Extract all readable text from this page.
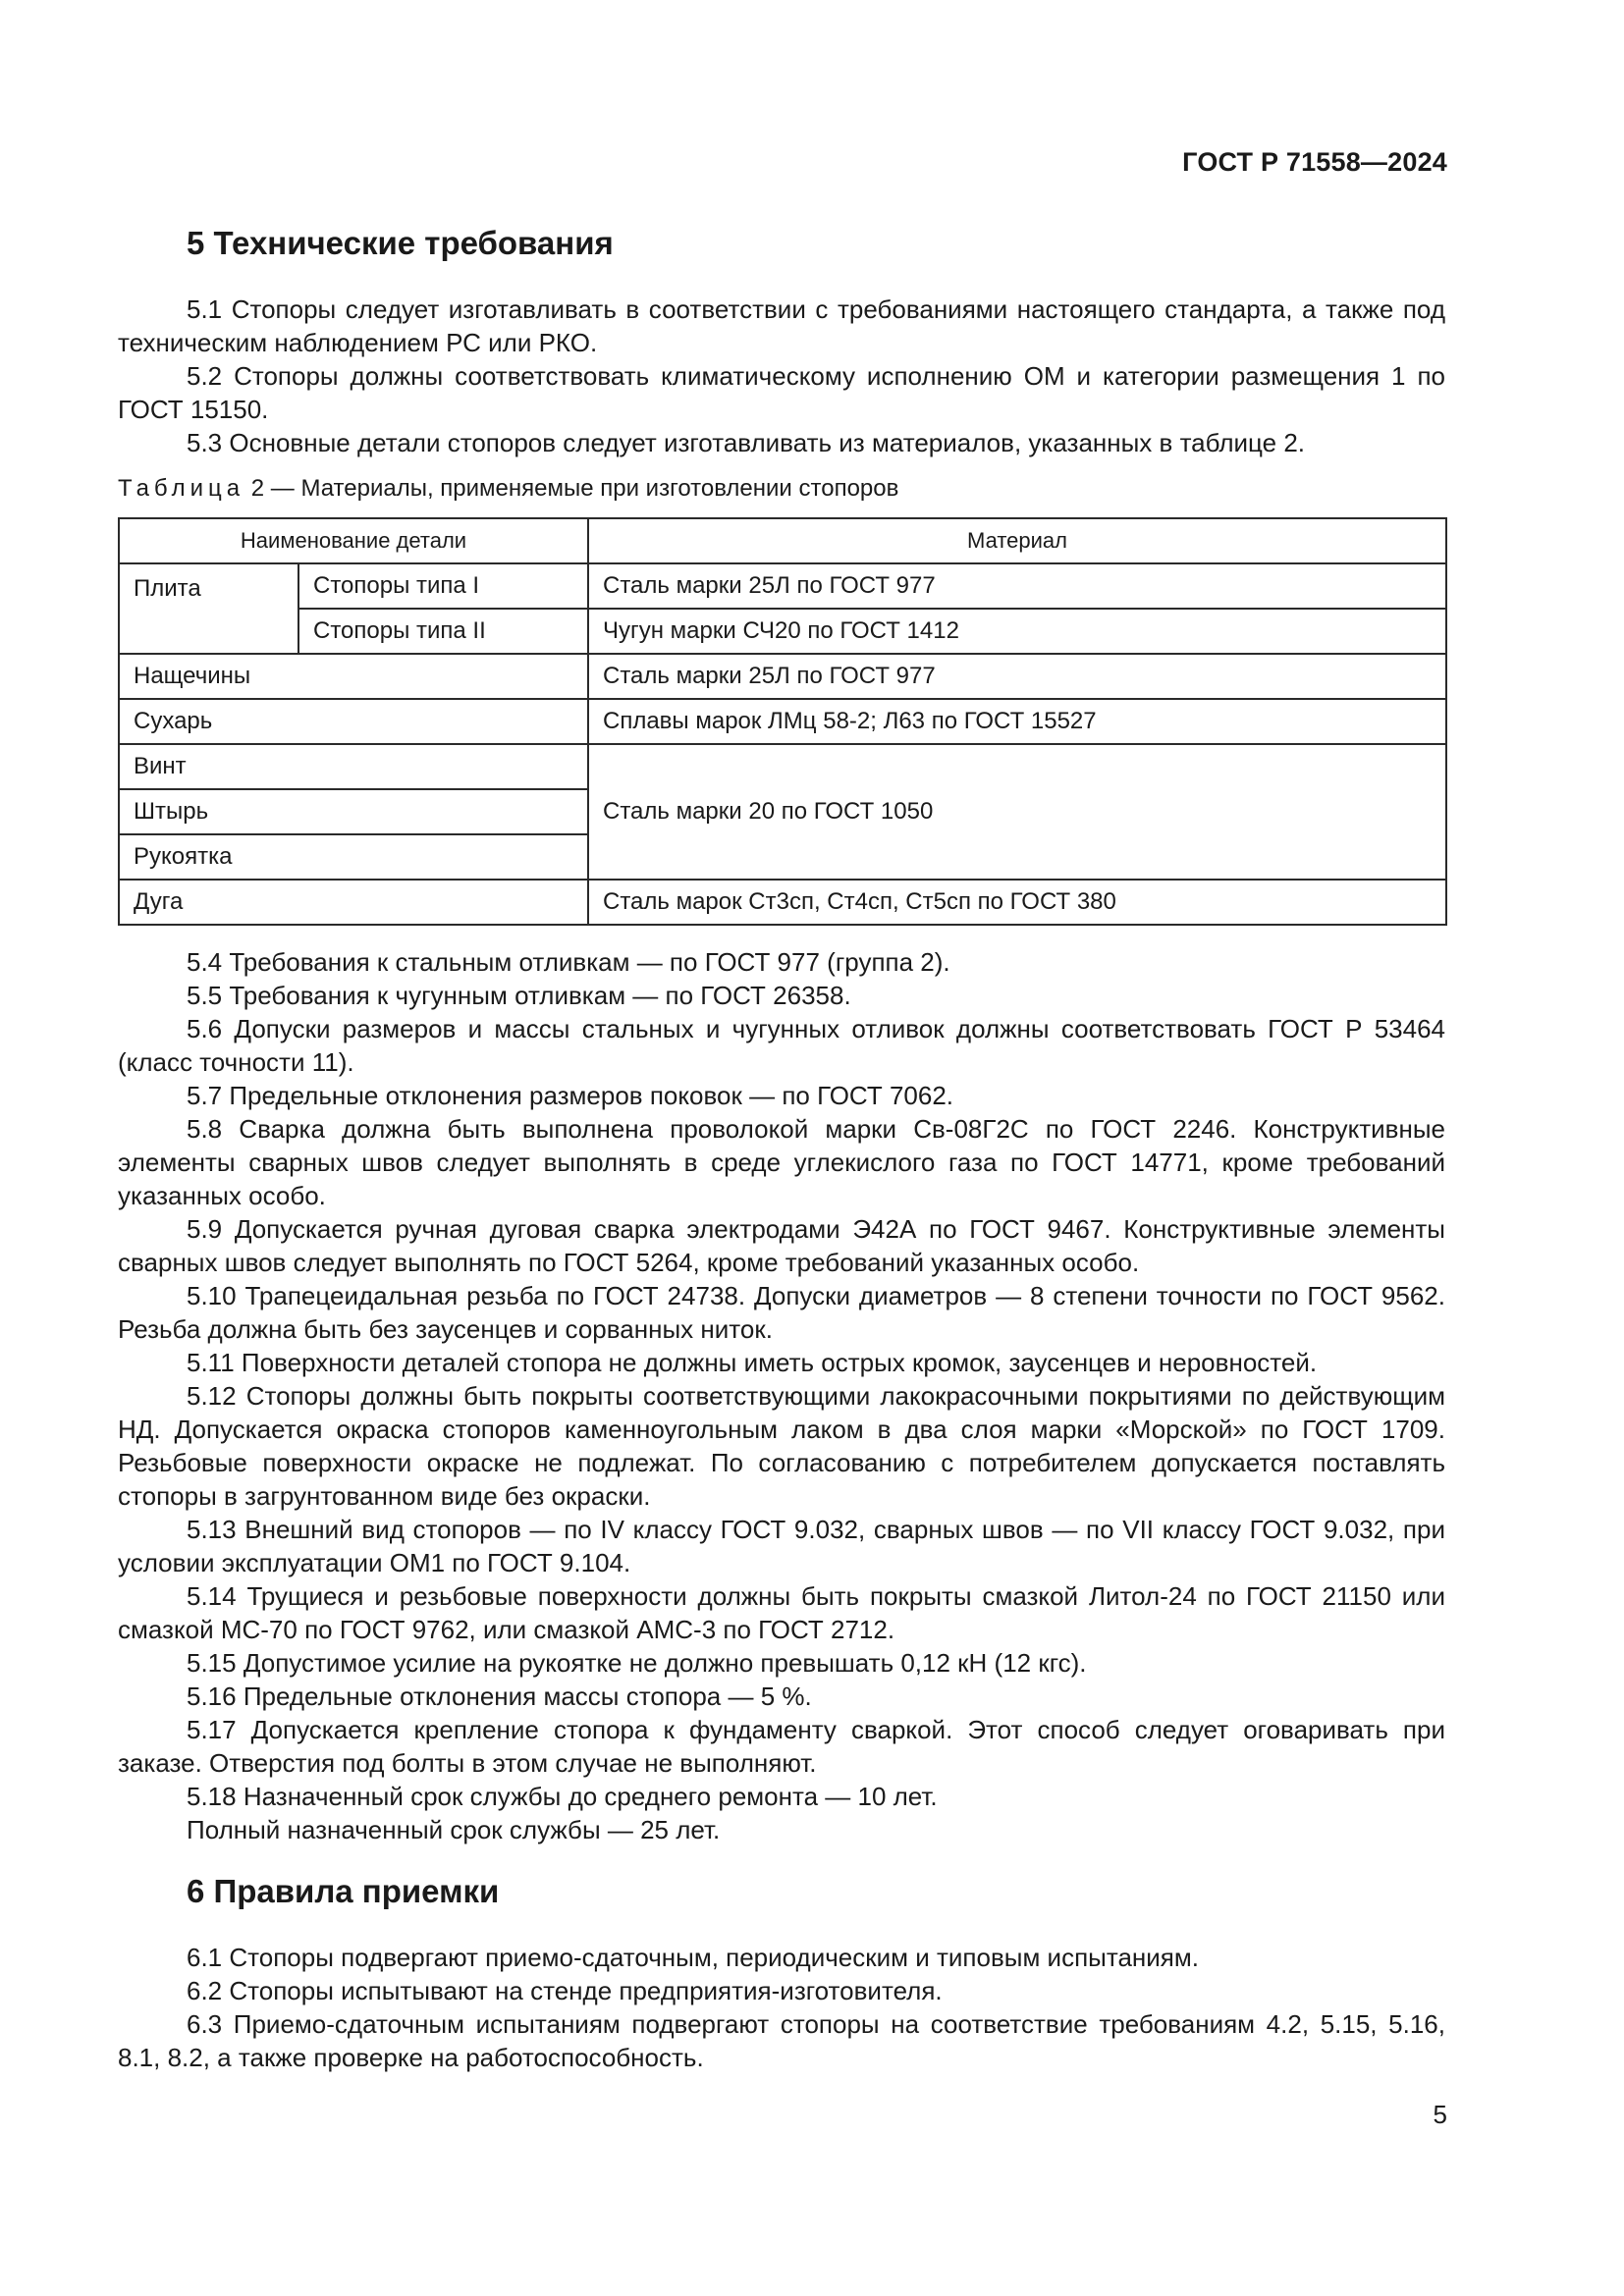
ГОСТ Р 71558—2024
5 Технические требования

5.1 Стопоры следует изготавливать в соответствии с требованиями настоящего стандарта, а также под техническим наблюдением РС или РКО.

5.2 Стопоры должны соответствовать климатическому исполнению ОМ и категории размещения 1 по ГОСТ 15150.

5.3 Основные детали стопоров следует изготавливать из материалов, указанных в таблице 2.

Таблица 2 — Материалы, применяемые при изготовлении стопоров
Наименование детали		Материал
Плита	Стопоры типа I	Сталь марки 25Л по ГОСТ 977
	Стопоры типа II	Чугун марки СЧ20 по ГОСТ 1412
Нащечины		Сталь марки 25Л по ГОСТ 977
Сухарь		Сплавы марок ЛМц 58-2; Л63 по ГОСТ 15527
Винт		Сталь марки 20 по ГОСТ 1050
Штырь		
Рукоятка		
Дуга		Сталь марок Ст3сп, Ст4сп, Ст5сп по ГОСТ 380

5.4 Требования к стальным отливкам — по ГОСТ 977 (группа 2).

5.5 Требования к чугунным отливкам — по ГОСТ 26358.

5.6 Допуски размеров и массы стальных и чугунных отливок должны соответствовать ГОСТ Р 53464 (класс точности 11).

5.7 Предельные отклонения размеров поковок — по ГОСТ 7062.

5.8 Сварка должна быть выполнена проволокой марки Св-08Г2С по ГОСТ 2246. Конструктивные элементы сварных швов следует выполнять в среде углекислого газа по ГОСТ 14771, кроме требований указанных особо.

5.9 Допускается ручная дуговая сварка электродами Э42А по ГОСТ 9467. Конструктивные элементы сварных швов следует выполнять по ГОСТ 5264, кроме требований указанных особо.

5.10 Трапецеидальная резьба по ГОСТ 24738. Допуски диаметров — 8 степени точности по ГОСТ 9562. Резьба должна быть без заусенцев и сорванных ниток.

5.11 Поверхности деталей стопора не должны иметь острых кромок, заусенцев и неровностей.

5.12 Стопоры должны быть покрыты соответствующими лакокрасочными покрытиями по действующим НД. Допускается окраска стопоров каменноугольным лаком в два слоя марки «Морской» по ГОСТ 1709. Резьбовые поверхности окраске не подлежат. По согласованию с потребителем допускается поставлять стопоры в загрунтованном виде без окраски.

5.13 Внешний вид стопоров — по IV классу ГОСТ 9.032, сварных швов — по VII классу ГОСТ 9.032, при условии эксплуатации ОМ1 по ГОСТ 9.104.

5.14 Трущиеся и резьбовые поверхности должны быть покрыты смазкой Литол-24 по ГОСТ 21150 или смазкой МС-70 по ГОСТ 9762, или смазкой АМС-3 по ГОСТ 2712.

5.15 Допустимое усилие на рукоятке не должно превышать 0,12 кН (12 кгс).

5.16 Предельные отклонения массы стопора — 5 %.

5.17 Допускается крепление стопора к фундаменту сваркой. Этот способ следует оговаривать при заказе. Отверстия под болты в этом случае не выполняют.

5.18 Назначенный срок службы до среднего ремонта — 10 лет.

Полный назначенный срок службы — 25 лет.

6 Правила приемки

6.1 Стопоры подвергают приемо-сдаточным, периодическим и типовым испытаниям.

6.2 Стопоры испытывают на стенде предприятия-изготовителя.

6.3 Приемо-сдаточным испытаниям подвергают стопоры на соответствие требованиям 4.2, 5.15, 5.16, 8.1, 8.2, а также проверке на работоспособность.

5
